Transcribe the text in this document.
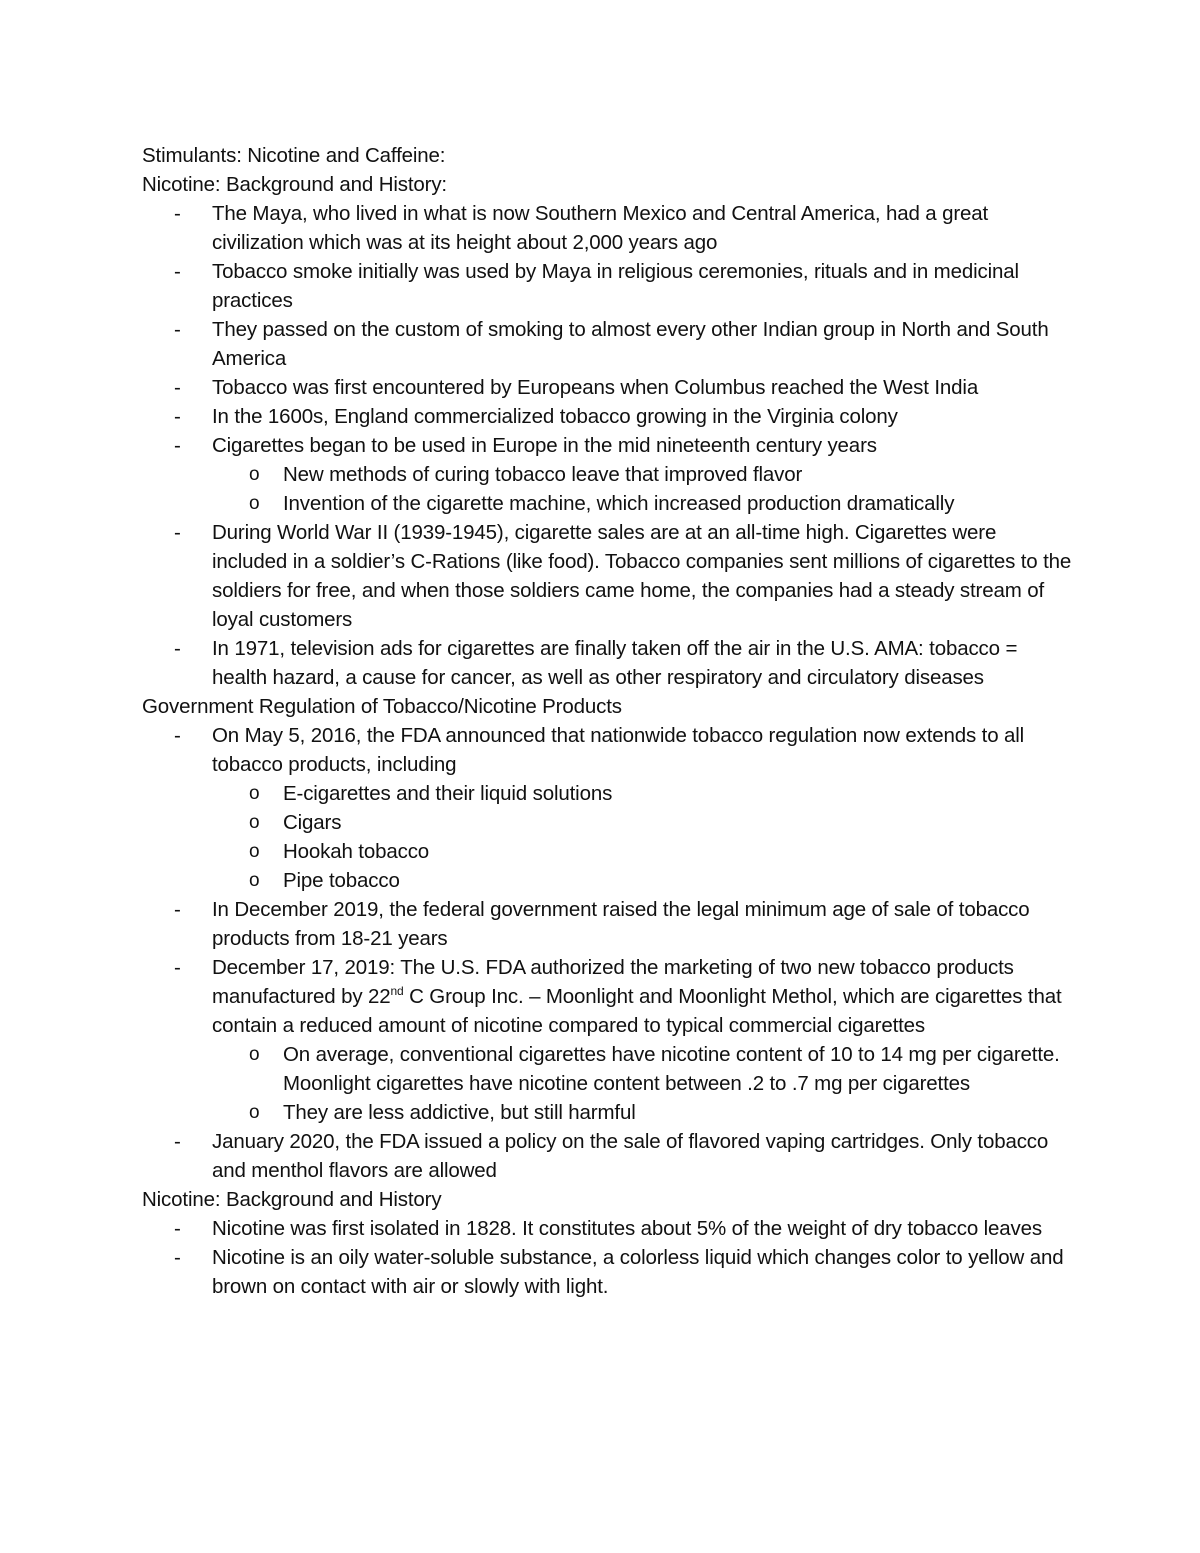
Stimulants: Nicotine and Caffeine:
Nicotine: Background and History:
-	The Maya, who lived in what is now Southern Mexico and Central America, had a great civilization which was at its height about 2,000 years ago
-	Tobacco smoke initially was used by Maya in religious ceremonies, rituals and in medicinal practices
-	They passed on the custom of smoking to almost every other Indian group in North and South America
-	Tobacco was first encountered by Europeans when Columbus reached the West India
-	In the 1600s, England commercialized tobacco growing in the Virginia colony
-	Cigarettes began to be used in Europe in the mid nineteenth century years
o	New methods of curing tobacco leave that improved flavor
o	Invention of the cigarette machine, which increased production dramatically
-	During World War II (1939-1945), cigarette sales are at an all-time high. Cigarettes were included in a soldier’s C-Rations (like food). Tobacco companies sent millions of cigarettes to the soldiers for free, and when those soldiers came home, the companies had a steady stream of loyal customers
-	In 1971, television ads for cigarettes are finally taken off the air in the U.S. AMA: tobacco = health hazard, a cause for cancer, as well as other respiratory and circulatory diseases
Government Regulation of Tobacco/Nicotine Products
-	On May 5, 2016, the FDA announced that nationwide tobacco regulation now extends to all tobacco products, including
o	E-cigarettes and their liquid solutions
o	Cigars
o	Hookah tobacco
o	Pipe tobacco
-	In December 2019, the federal government raised the legal minimum age of sale of tobacco products from 18-21 years
-	December 17, 2019: The U.S. FDA authorized the marketing of two new tobacco products manufactured by 22nd C Group Inc. – Moonlight and Moonlight Methol, which are cigarettes that contain a reduced amount of nicotine compared to typical commercial cigarettes
o	On average, conventional cigarettes have nicotine content of 10 to 14 mg per cigarette. Moonlight cigarettes have nicotine content between .2 to .7 mg per cigarettes
o	They are less addictive, but still harmful
-	January 2020, the FDA issued a policy on the sale of flavored vaping cartridges. Only tobacco and menthol flavors are allowed
Nicotine: Background and History
-	Nicotine was first isolated in 1828. It constitutes about 5% of the weight of dry tobacco leaves
-	Nicotine is an oily water-soluble substance, a colorless liquid which changes color to yellow and brown on contact with air or slowly with light.
